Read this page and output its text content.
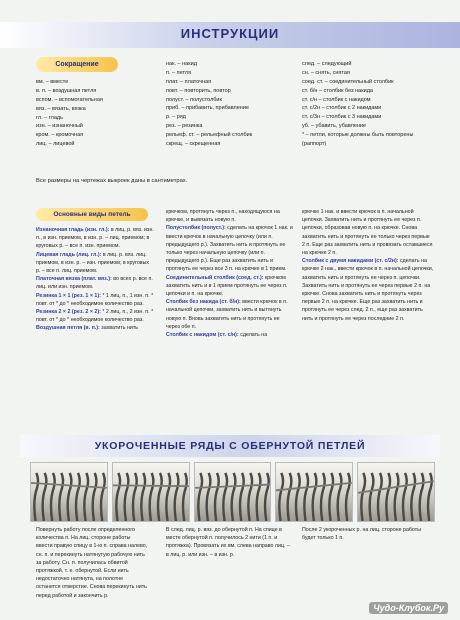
ИНСТРУКЦИИ
Сокращение
вм. – вместе
в. п. – воздушная петля
вспом. – вспомогательная
вяз. – вязать, вязка
гл. – гладь
изн. – изнаночный
кром. – кромочная
лиц. – лицевой
нак. – накид
п. – петля
плат. – платочная
повт. – повторить, повтор
полуст. – полустолбик
приб. – прибавить, прибавление
р. – ряд
рез. – резинка
рельеф. ст. – рельефный столбик
скрещ. – скрещенная
след. – следующий
сн. – снять, снятая
соед. ст. – соединительный столбик
ст. б/н – столбик без накида
ст. с/н – столбик с накидом
ст. с/2н – столбик с 2 накидами
ст. с/3н – столбик с 3 накидами
уб. – убавить, убавление
* – петли, которые должны быть повторены
(раппорт)
Все размеры на чертежах выкроек даны в сантиметрах.
Основные виды петель

Изнаночная гладь (изн. гл.): в лиц. р. вяз. изн. п., в изн. приемом, в изн. р. – лиц. приемом; в круговых р. – все п. изн. приемом.

Лицевая гладь (лиц. гл.): в лиц. р. вяз. лиц. приемом, в изн. р. – изн. приемом; в круговых р. – все п. лиц. приемом.

Платочная вязка (плат. вяз.): во всех р. все п. лиц. или изн. приемом.

Резинка 1 × 1 (рез. 1 × 1): * 1 лиц. п., 1 изн. п. * повт. от * до * необходимое количество раз.

Резинка 2 × 2 (рез. 2 × 2): * 2 лиц. п., 2 изн. п. * повт. от * до * необходимое количество раз.

Воздушная петля (в. п.): захватить нить

крючком, протянуть через п., находящуюся на крючке, и вывязать новую п.

Полустолбик (полуст.): сделать на крючок 1 нак. и ввести крючок в начальную цепочку (или п. предыдущего р.). Захватить нить и протянуть ее только через начальную цепочку (или п. предыдущего р.). Еще раз захватить нить и протянуть ее через все 3 п. на крючке в 1 прием.

Соединительный столбик (соед. ст.): крючком захватить нить и в 1 прием протянуть ее через п. цепочки и п. на крючке.

Столбик без накида (ст. б/н): ввести крючок в п. начальной цепочки, захватить нить и вытянуть новую п. Вновь захватить нить и протянуть ее через обе п.

Столбик с накидом (ст. с/н): сделать на

крючке 1 нак. и ввести крючок в п. начальной цепочки. Захватить нить и протянуть ее через п. цепочки, образовав новую п. на крючке. Снова захватить нить и протянуть ее только через первые 2 п. Еще раз захватить нить и провязать оставшиеся на крючке 2 п.

Столбик с двумя накидами (ст. с/2н): сделать на крючке 2 нак., ввести крючок в п. начальной цепочки, захватить нить и протянуть ее через п. цепочки. Захватить нить и протянуть ее через первые 2 п. на крючке. Снова захватить нить и протянуть через первые 2 п. на крючке. Еще раз захватить нить и протянуть ее через след. 2 п., еще раз захватить нить и протянуть ее через последние 2 п.

УКОРОЧЕННЫЕ РЯДЫ С ОБЕРНУТОЙ ПЕТЛЕЙ

Повернуть работу после определенного количества п. На лиц. стороне работы ввести правую спицу в 1-ю п. справа налево, сн. п. и перекинуть натянутую рабочую нить за работу. Сн. п. получилась обвитой протяжкой, т. е. обернутой. Если нить недостаточно натянута, на полотне останется отверстие. Снова перекинуть нить перед работой и закончить р.

В след. лиц. р. вяз. до обернутой п. На спице в месте обернутой п. получилось 2 нити (1 п. и протяжка). Провязать их вм. слева направо лиц. – в лиц. р. или изн. – в изн. р.

После 2 укороченных р. на лиц. стороне работы будет только 1 п.

Чудо-Клубок.Ру
